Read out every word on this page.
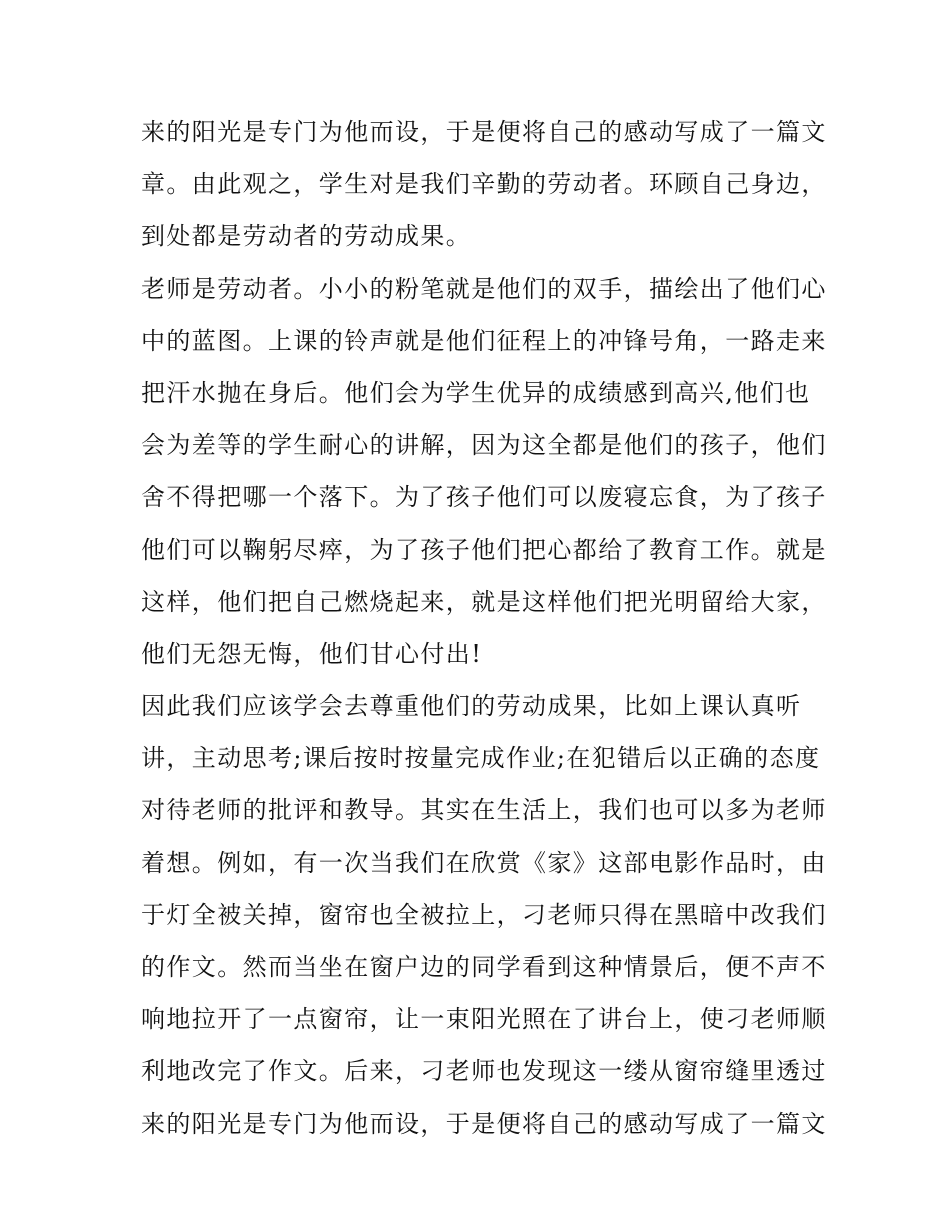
来的阳光是专门为他而设，于是便将自己的感动写成了一篇文
章。由此观之，学生对是我们辛勤的劳动者。环顾自己身边，
到处都是劳动者的劳动成果。
老师是劳动者。小小的粉笔就是他们的双手，描绘出了他们心
中的蓝图。上课的铃声就是他们征程上的冲锋号角，一路走来
把汗水抛在身后。他们会为学生优异的成绩感到高兴,他们也
会为差等的学生耐心的讲解，因为这全都是他们的孩子，他们
舍不得把哪一个落下。为了孩子他们可以废寝忘食，为了孩子
他们可以鞠躬尽瘁，为了孩子他们把心都给了教育工作。就是
这样，他们把自己燃烧起来，就是这样他们把光明留给大家，
他们无怨无悔，他们甘心付出!
因此我们应该学会去尊重他们的劳动成果，比如上课认真听
讲，主动思考;课后按时按量完成作业;在犯错后以正确的态度
对待老师的批评和教导。其实在生活上，我们也可以多为老师
着想。例如，有一次当我们在欣赏《家》这部电影作品时，由
于灯全被关掉，窗帘也全被拉上，刁老师只得在黑暗中改我们
的作文。然而当坐在窗户边的同学看到这种情景后，便不声不
响地拉开了一点窗帘，让一束阳光照在了讲台上，使刁老师顺
利地改完了作文。后来，刁老师也发现这一缕从窗帘缝里透过
来的阳光是专门为他而设，于是便将自己的感动写成了一篇文
